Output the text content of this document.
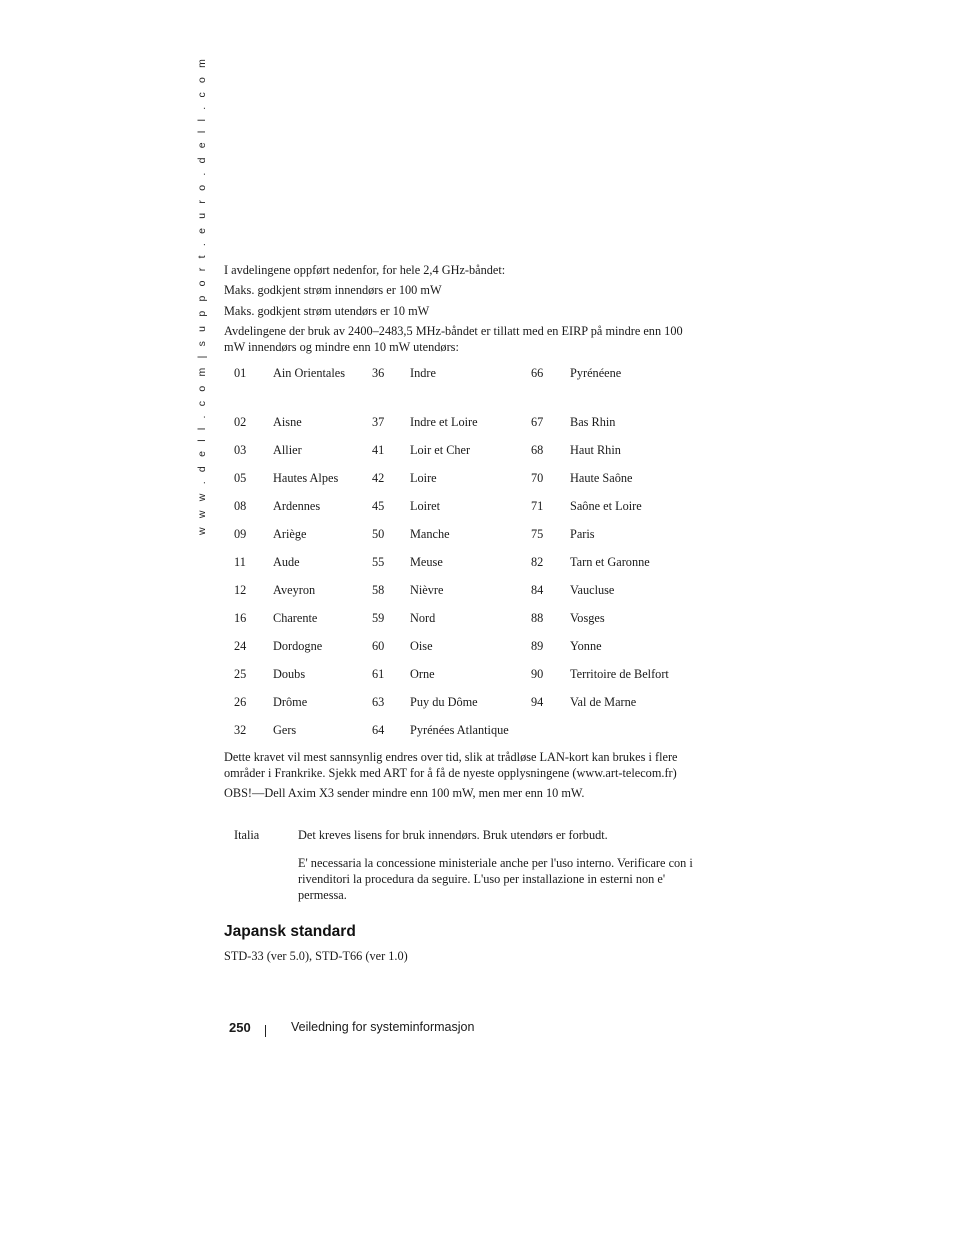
w w w . d e l l . c o m | s u p p o r t . e u r o . d e l l . c o m I avdelingene oppført nedenfor, for hele 2,4 GHz-båndet:

Maks. godkjent strøm innendørs er 100 mW

Maks. godkjent strøm utendørs er 10 mW

Avdelingene der bruk av 2400–2483,5 MHz-båndet er tillatt med en EIRP på mindre enn 100 mW innendørs og mindre enn 10 mW utendørs:

01 Ain Orientales	36 Indre	66 Pyrénéene
02 Aisne	37 Indre et Loire	67 Bas Rhin
03 Allier	41 Loir et Cher	68 Haut Rhin
05 Hautes Alpes	42 Loire	70 Haute Saône
08 Ardennes	45 Loiret	71 Saône et Loire
09 Ariège	50 Manche	75 Paris
11 Aude	55 Meuse	82 Tarn et Garonne
12 Aveyron	58 Nièvre	84 Vaucluse
16 Charente	59 Nord	88 Vosges
24 Dordogne	60 Oise	89 Yonne
25 Doubs	61 Orne	90 Territoire de Belfort
26 Drôme	63 Puy du Dôme	94 Val de Marne
32 Gers	64 Pyrénées Atlantique

Dette kravet vil mest sannsynlig endres over tid, slik at trådløse LAN-kort kan brukes i flere områder i Frankrike. Sjekk med ART for å få de nyeste opplysningene (www.art-telecom.fr)

OBS!—Dell Axim X3 sender mindre enn 100 mW, men mer enn 10 mW.

Italia	Det kreves lisens for bruk innendørs. Bruk utendørs er forbudt.
E' necessaria la concessione ministeriale anche per l'uso interno. Verificare con i rivenditori la procedura da seguire. L'uso per installazione in esterni non e' permessa.
Japansk standard

STD-33 (ver 5.0), STD-T66 (ver 1.0)

250	Veiledning for systeminformasjon
